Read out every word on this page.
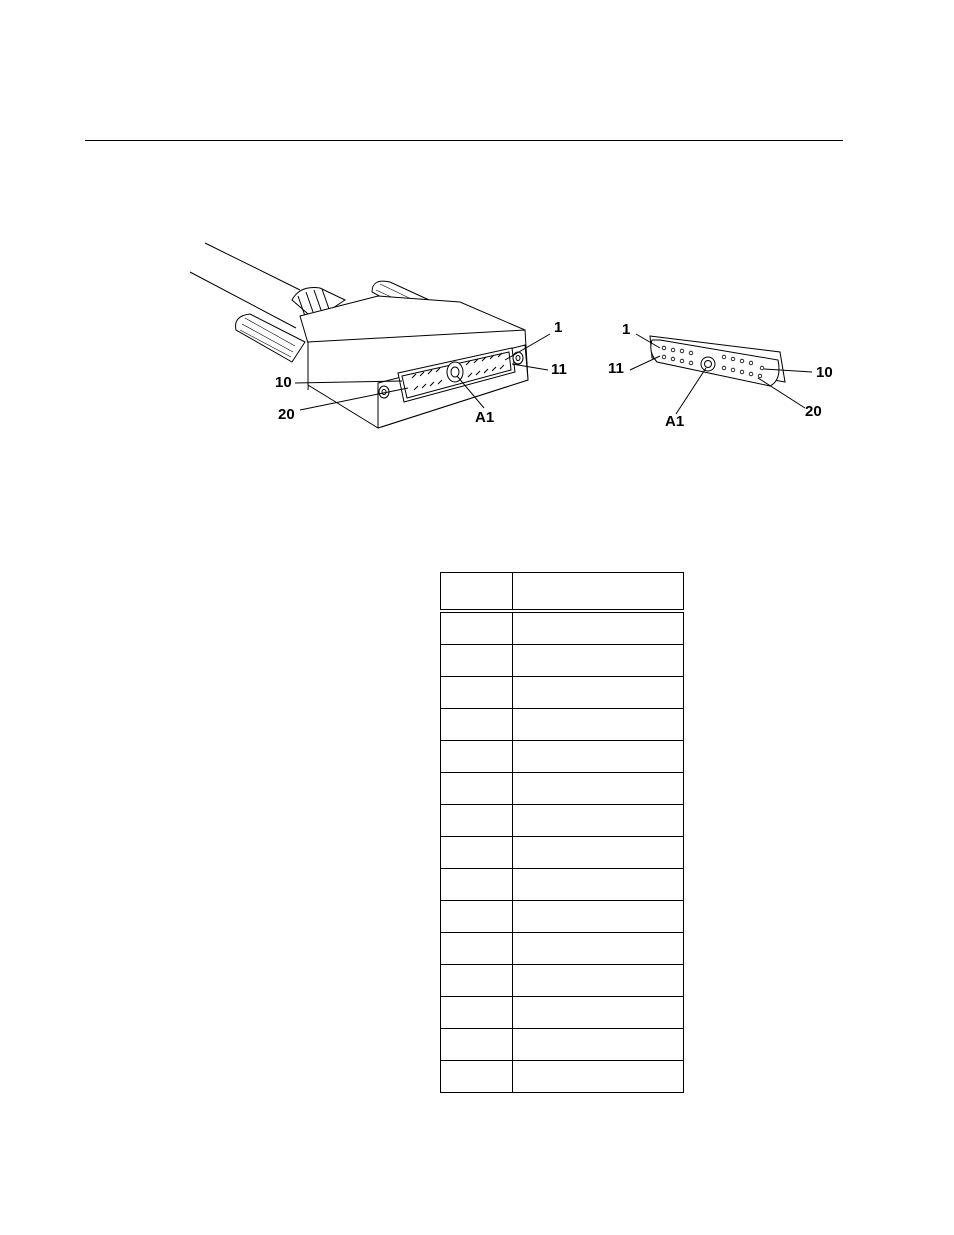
1
11
10
20	A1
1
11	10
20
A1
